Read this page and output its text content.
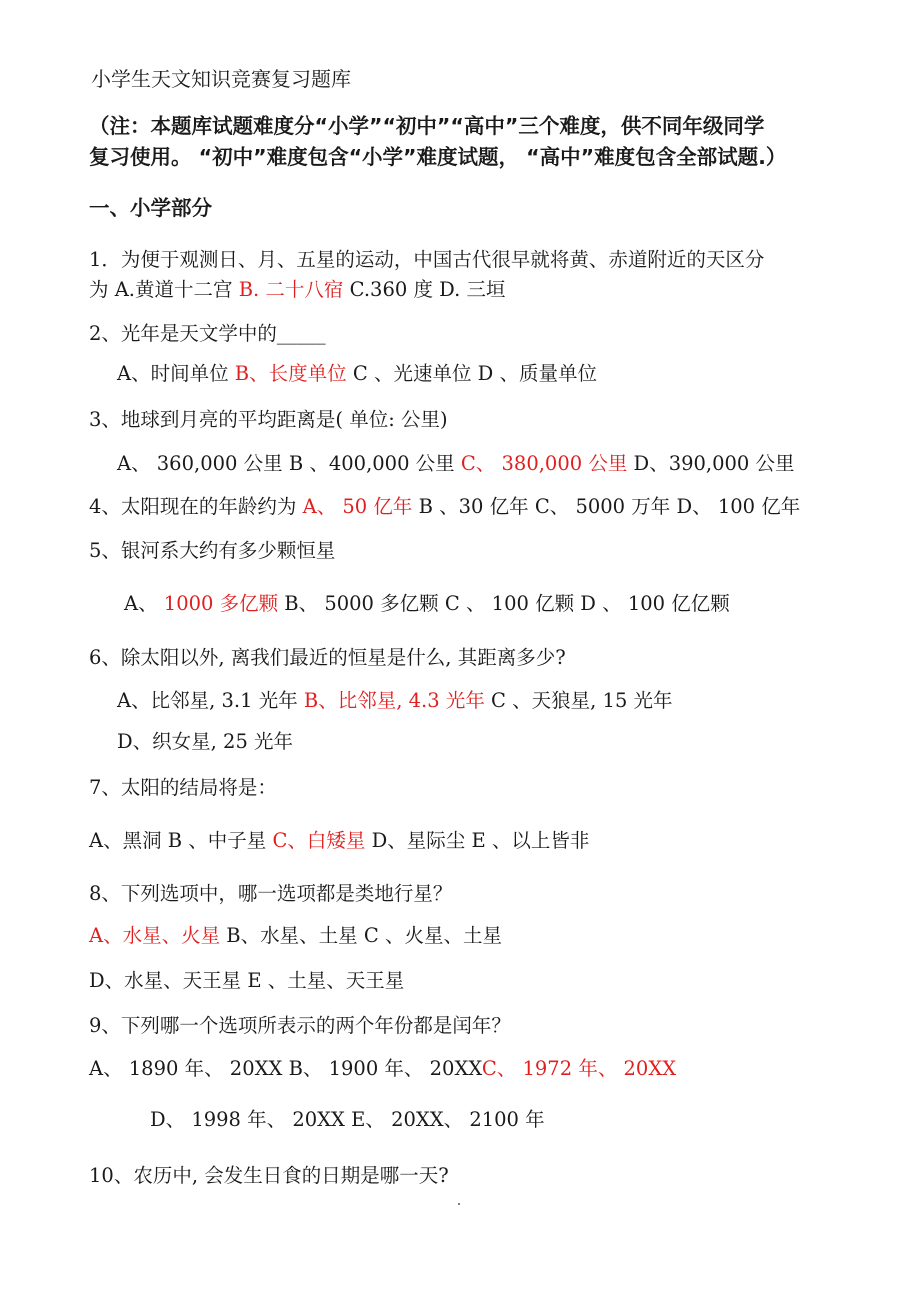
小学生天文知识竞赛复习题库
（注：本题库试题难度分“小学”“初中”“高中”三个难度，供不同年级同学
复习使用。 “初中”难度包含“小学”难度试题， “高中”难度包含全部试题.）
一、小学部分
1．为便于观测日、月、五星的运动，中国古代很早就将黄、赤道附近的天区分
为 A.黄道十二宫 B. 二十八宿 C.360 度 D. 三垣
2、光年是天文学中的_____
A、时间单位 B、长度单位 C 、光速单位 D 、质量单位
3、地球到月亮的平均距离是( 单位: 公里)
A、 360,000 公里 B 、400,000 公里 C、 380,000 公里 D、390,000 公里
4、太阳现在的年龄约为 A、 50 亿年 B 、30 亿年 C、 5000 万年 D、 100 亿年
5、银河系大约有多少颗恒星
A、 1000 多亿颗 B、 5000 多亿颗 C 、 100 亿颗 D 、 100 亿亿颗
6、除太阳以外, 离我们最近的恒星是什么, 其距离多少?
A、比邻星, 3.1 光年 B、比邻星, 4.3 光年 C 、天狼星, 15 光年
D、织女星, 25 光年
7、太阳的结局将是：
A、黑洞 B 、中子星 C、白矮星 D、星际尘 E 、以上皆非
8、下列选项中，哪一选项都是类地行星？
A、水星、火星 B、水星、土星 C 、火星、土星
D、水星、天王星 E 、土星、天王星
9、下列哪一个选项所表示的两个年份都是闰年？
A、 1890 年、 20XX B、 1900 年、 20XXC、 1972 年、 20XX
D、 1998 年、 20XX E、 20XX、 2100 年
10、农历中, 会发生日食的日期是哪一天?
